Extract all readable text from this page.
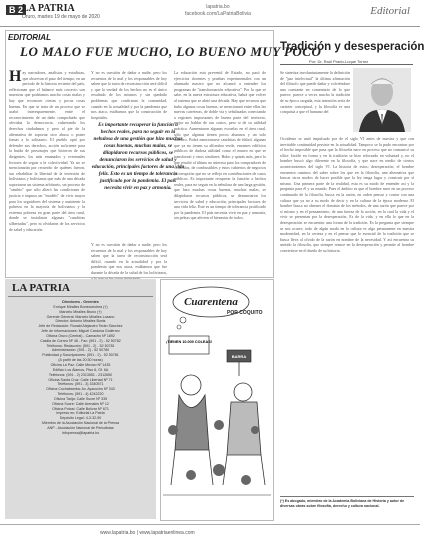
B 2
LA PATRIA
Oruro, martes 19 de mayo de 2020
lapatria.bo
facebook.com/LaPatriaBolivia	Editorial
EDITORIAL
LO MALO FUE MUCHO, LO BUENO MUY POCO
Hay narradores, analistas y estadistas, que observan el paso del tiempo, en un período de la historia reciente del país, reflexionan que el balance más correcto son muestras que podríamos mucho cosas malas y hay que reconocer ciertas y pocas cosas buenas. En que se trata de un proceso que se acabó interesparemente, entre el reconocimiento de un daño comprobado que afectaba la democracia, vulnerando los derechos ciudadanos y pero al pie de la alternativa de soportar otro abuso o poner fomas a lo solitaario. El pueblo optó por defender sus derechos, acción suficiente para la huida de personajes que hicieron de sus dirigentes, los más emanados y eventuales lectores de seguir a la colectividad. Ya no se mencionarán por recuerdo de quiénes fueron, sus rehabilitar la libertad de la inversión de bolivianos y bolivianas que más de una década soportaron un sistema arbitrario, un proceso de "cambio" que sólo alteró las condiciones de justicia e impuso un "modelo" de vivir mayor para los seguidores del sistema y maintenir la pobreza en la mayoría de bolivianos y la extrema pobreza en gran parte del área rural, donde se instalaron algunas "canchitas silbertadas", pero ni olvidaron de los servicios de salud y educación.
Y no es cuestión de dañar a nadie, pero los recuentos de lo mal y los responsables de hoy saben que la tarea de reconstrucción será difícil y que la verdad de los hechos no es el único resultado de los mismos y sin quedado problemas que confirman la comunidad, cuando en la actualidad y por la pandemia que nos ataca, estábamos que la construcción de hospitales.
Es importante recuperar la función a hechos reales, para no seguir en la nebulosa de una gestión que hizo muchas cosas buenas, muchas malas, se dilapidaron recursos públicos, se denunciaron los servicios de salud y educación, principales factores de una vida feliz. Esto es un tiempo de tolerancia justificado por la pandemia. El país necesita vivir en paz y armonía.
Y no es cuestión de dañar a nadie, pero los recuentos de lo mal y los responsables de hoy saben que la tarea de reconstrucción será difícil, cuando en la actualidad y por la pandemia que nos ataca, estábamos que fue durante la década de la salud de los bolivianos,
La educación esta prevenid de Estado, no pasó de ejercicios docentes y pruebas experimentales con un alarmado masivo que no alcanzó a entender los programas de "transformación educativa". Por lo que se sabe, en la nueva estructura educativa, habrá que volver al sistema que se abrió una década. Hay que recursos que hubo algunas cosas buenas, se mencionará entre ellas las nuevas carreteras, de doble vía y señalizadas conectando a regiones importantes de buena parte del territorio, mejor no hablar de sus costos, pero si de su utilidad práctica. Aumentaron algunas escuelas en el área rural, sólo que algunas tienen pocos alumnos y un solo maestro. Podrá mencionarse canchitas de fútbol, algunas que ya no tienen su alfombra verde, enormes edificios públicos de dudosa utilidad como el museo en que se transformó y otros similares. Hubo y quizás más, pero lo que resultó al último no interesa para los compradores de vehículos, de combustibles y estos cubiertos de negocios y corrupción que no se refleja en contribuciones de casos públicos. Es importante recuperar la función a hechos reales, para no seguir en la nebulosa de una larga gestión, que hizo muchas cosas buenas, muchas malas, se dilapidaron recursos públicos, se denunciaron los servicios de salud y educación, principales factores de una vida feliz. Este es un tiempo de tolerancia justificado por la pandemia. El país necesita vivir en paz y armonía, sin peleas que afecten el bienestar de todos.
LA PATRIA
Directores - Gerentes
Enrique Miralles Bonecoechea (†)
Marcelo Miralles Bruno (†)
Gerente General: Marcelo Miralles Lozano
Director: Antonio Miralles Bonis
Jefe de Redacción: Ronald Alejandro Terán Sánchez
Jefe de Informaciones: Miguel Cardona Gutiérrez
Oficina Oruro (Central) - Camacho Nº 1892
Casilla de Correo Nº 48 - Fax: (591 - 2) - 52 50782
Teléfonos: Redacción: (591 - 2) - 52 50781
Administración: (591 - 2) - 52 50780
Publicidad y Suscripciones: (591 - 2) - 52 50781
(A partir de las 20:30 horas)
Oficina La Paz: Calle Mexico Nº 1435
Edificio Los Álamos, Piso 6, Of. 6A
Teléfonos: (591 - 2) 2313551 - 2312650
Oficina Santa Cruz: Calle Libertad Nº 71
Teléfonos: (591 - 3) 3340571
Oficina Cochabamba: Av. Ayacucho Nº 343
Teléfonos: (591 - 4) 4242220
Oficina Tarija: Calle Sucre Nº 335
Oficina Sucre: Calle Arenales Nº 12
Oficina Potosí: Calle Bolívar Nº 671
Impreso en: Editorial La Patria
Depósito Legal: 4-3-32-90
Miembro de la Asociación Nacional de la Prensa
ANP - Asociación Nacional de Periodistas
Infoprensa@lapatria.bo
Cuarentena
¡TIENEN 10.000 COLEAS!
BARRA
POR COQUITO
Tradición y desesperación
Por: Dr. Raúl Prado-Luque Torrez
Se sintetiza involuntariamente la definición de "paz intelectual" la última afirmación del filósofo que puede dañar y volviéndose una constante en comentario de lo que parece, parece a veces mucho la tradición de su época cargada, esta intención sería de carácter conceptual, y la filosofía es una conquista a que el humano del
Occidente se unió impulsado por de el siglo VI antes de nuestra y que con inevitable continuidad persiste en la actualidad. Tampoco se la pudo encontrar por el hecho imposible que pasa que la filosofía nace en proceso que no comunicó su sílice. Incide en forma y en la tradición se hizo reforzado en voluntad y, no el hombre buscó algo diferente en la filosofía, y que nace en medio de ciertos acontecimientos del siglo VI. La historia de estos; desesperación, el hombre encuentra caminos del saber sobre los que en la filosofía, una alternativa que buscar otros modos de hacer posible que la ley tenga lugar y construir por sí mismo. Una primera parte de la realidad, esta es su modo de entender así y la pregunta para él y su mundo. Pues el ámbito es que el hombre nace en un proceso continuado de la filosofía, busca en la razón, en orden pensar y contar con una cultura que ya no a su modo de decir y en la cultura de la época moderna. El hombre busca no obtener el dominio de los métodos, de una razón que parece por sí mismo y en el pensamiento, de una fuerza de la acción, en la cual la vida y el vivir se presentan por la desesperación. Es de la vida, y en ella lo que en la desesperación se encuentra: una forma de la tradición. Es la pregunta que siempre se nos ocurre, todo de algún modo en la cultura es algo permanente en nuestra modernidad, en la certeza y en el pensar que lo esencial de la tradición que se busca lleva al olvido de la razón en nombre de la necesidad. Y así encuentra su sentido la filosofía, que siempre renace en la desesperación y permite al hombre convertirse en el dueño de su historia.
(*) Es abogado, miembro de la Academia Boliviana de Historia y autor de diversas obras sobre filosofía, derecho y cultura nacional.
www.lapatria.bo | www.lapatriaenlinea.com
